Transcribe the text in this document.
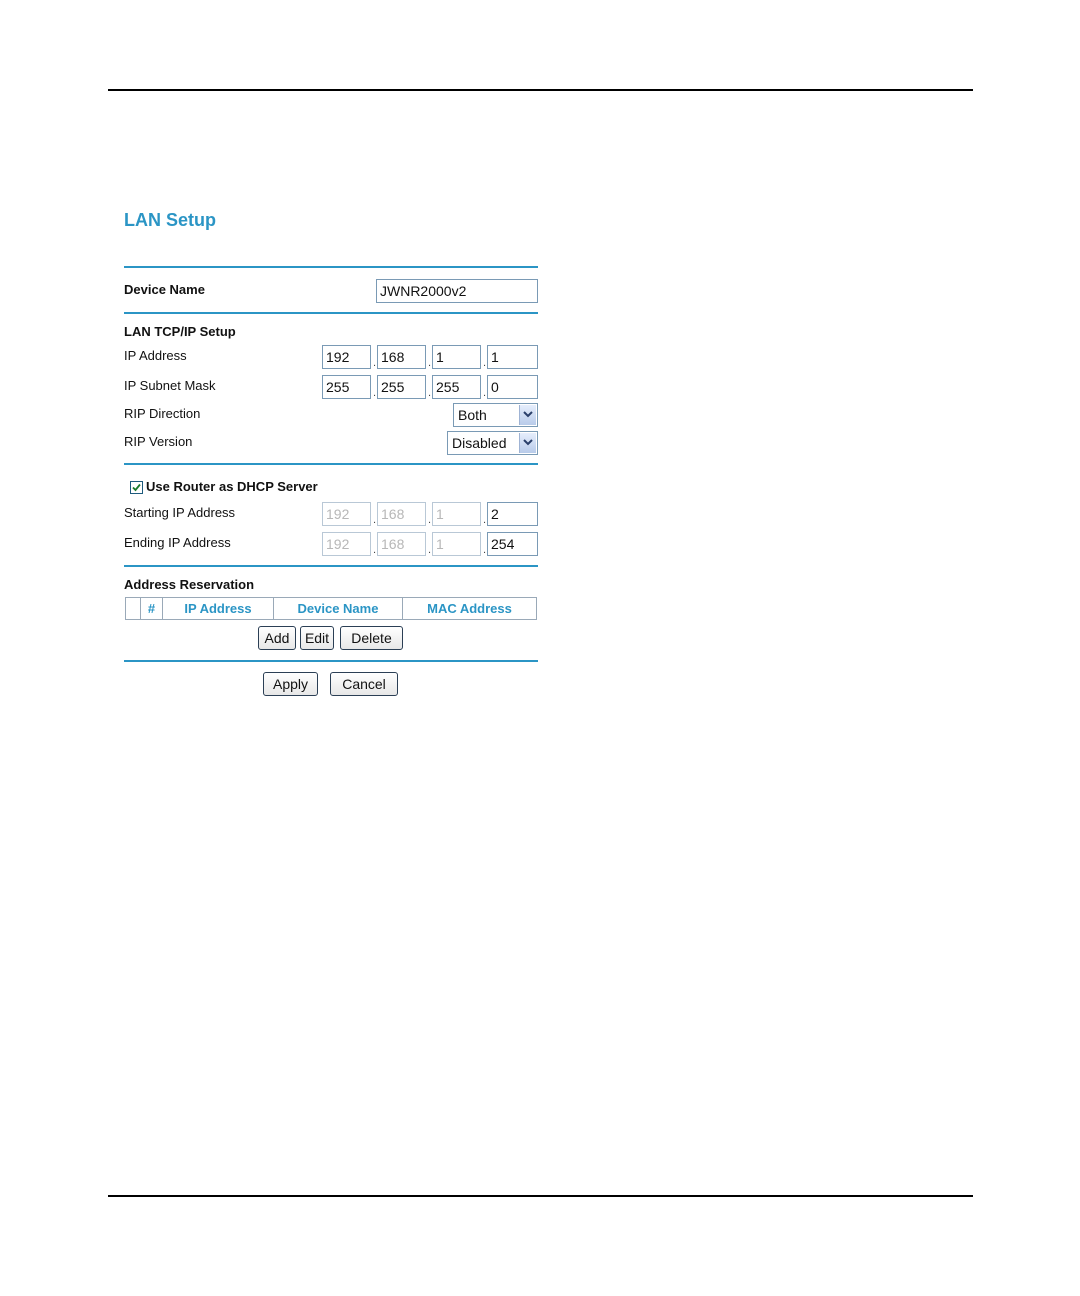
LAN Setup
Device Name	JWNR2000v2
LAN TCP/IP Setup
IP Address	192	. 168	. 1	. 1
IP Subnet Mask	255	. 255	. 255	. 0
RIP Direction	Both
RIP Version	Disabled
Use Router as DHCP Server
Starting IP Address	192	. 168	. 1	. 2
Ending IP Address	192	. 168	. 1	. 254
Address Reservation
#	IP Address	Device Name	MAC Address
Add	Edit	Delete
Apply	Cancel
